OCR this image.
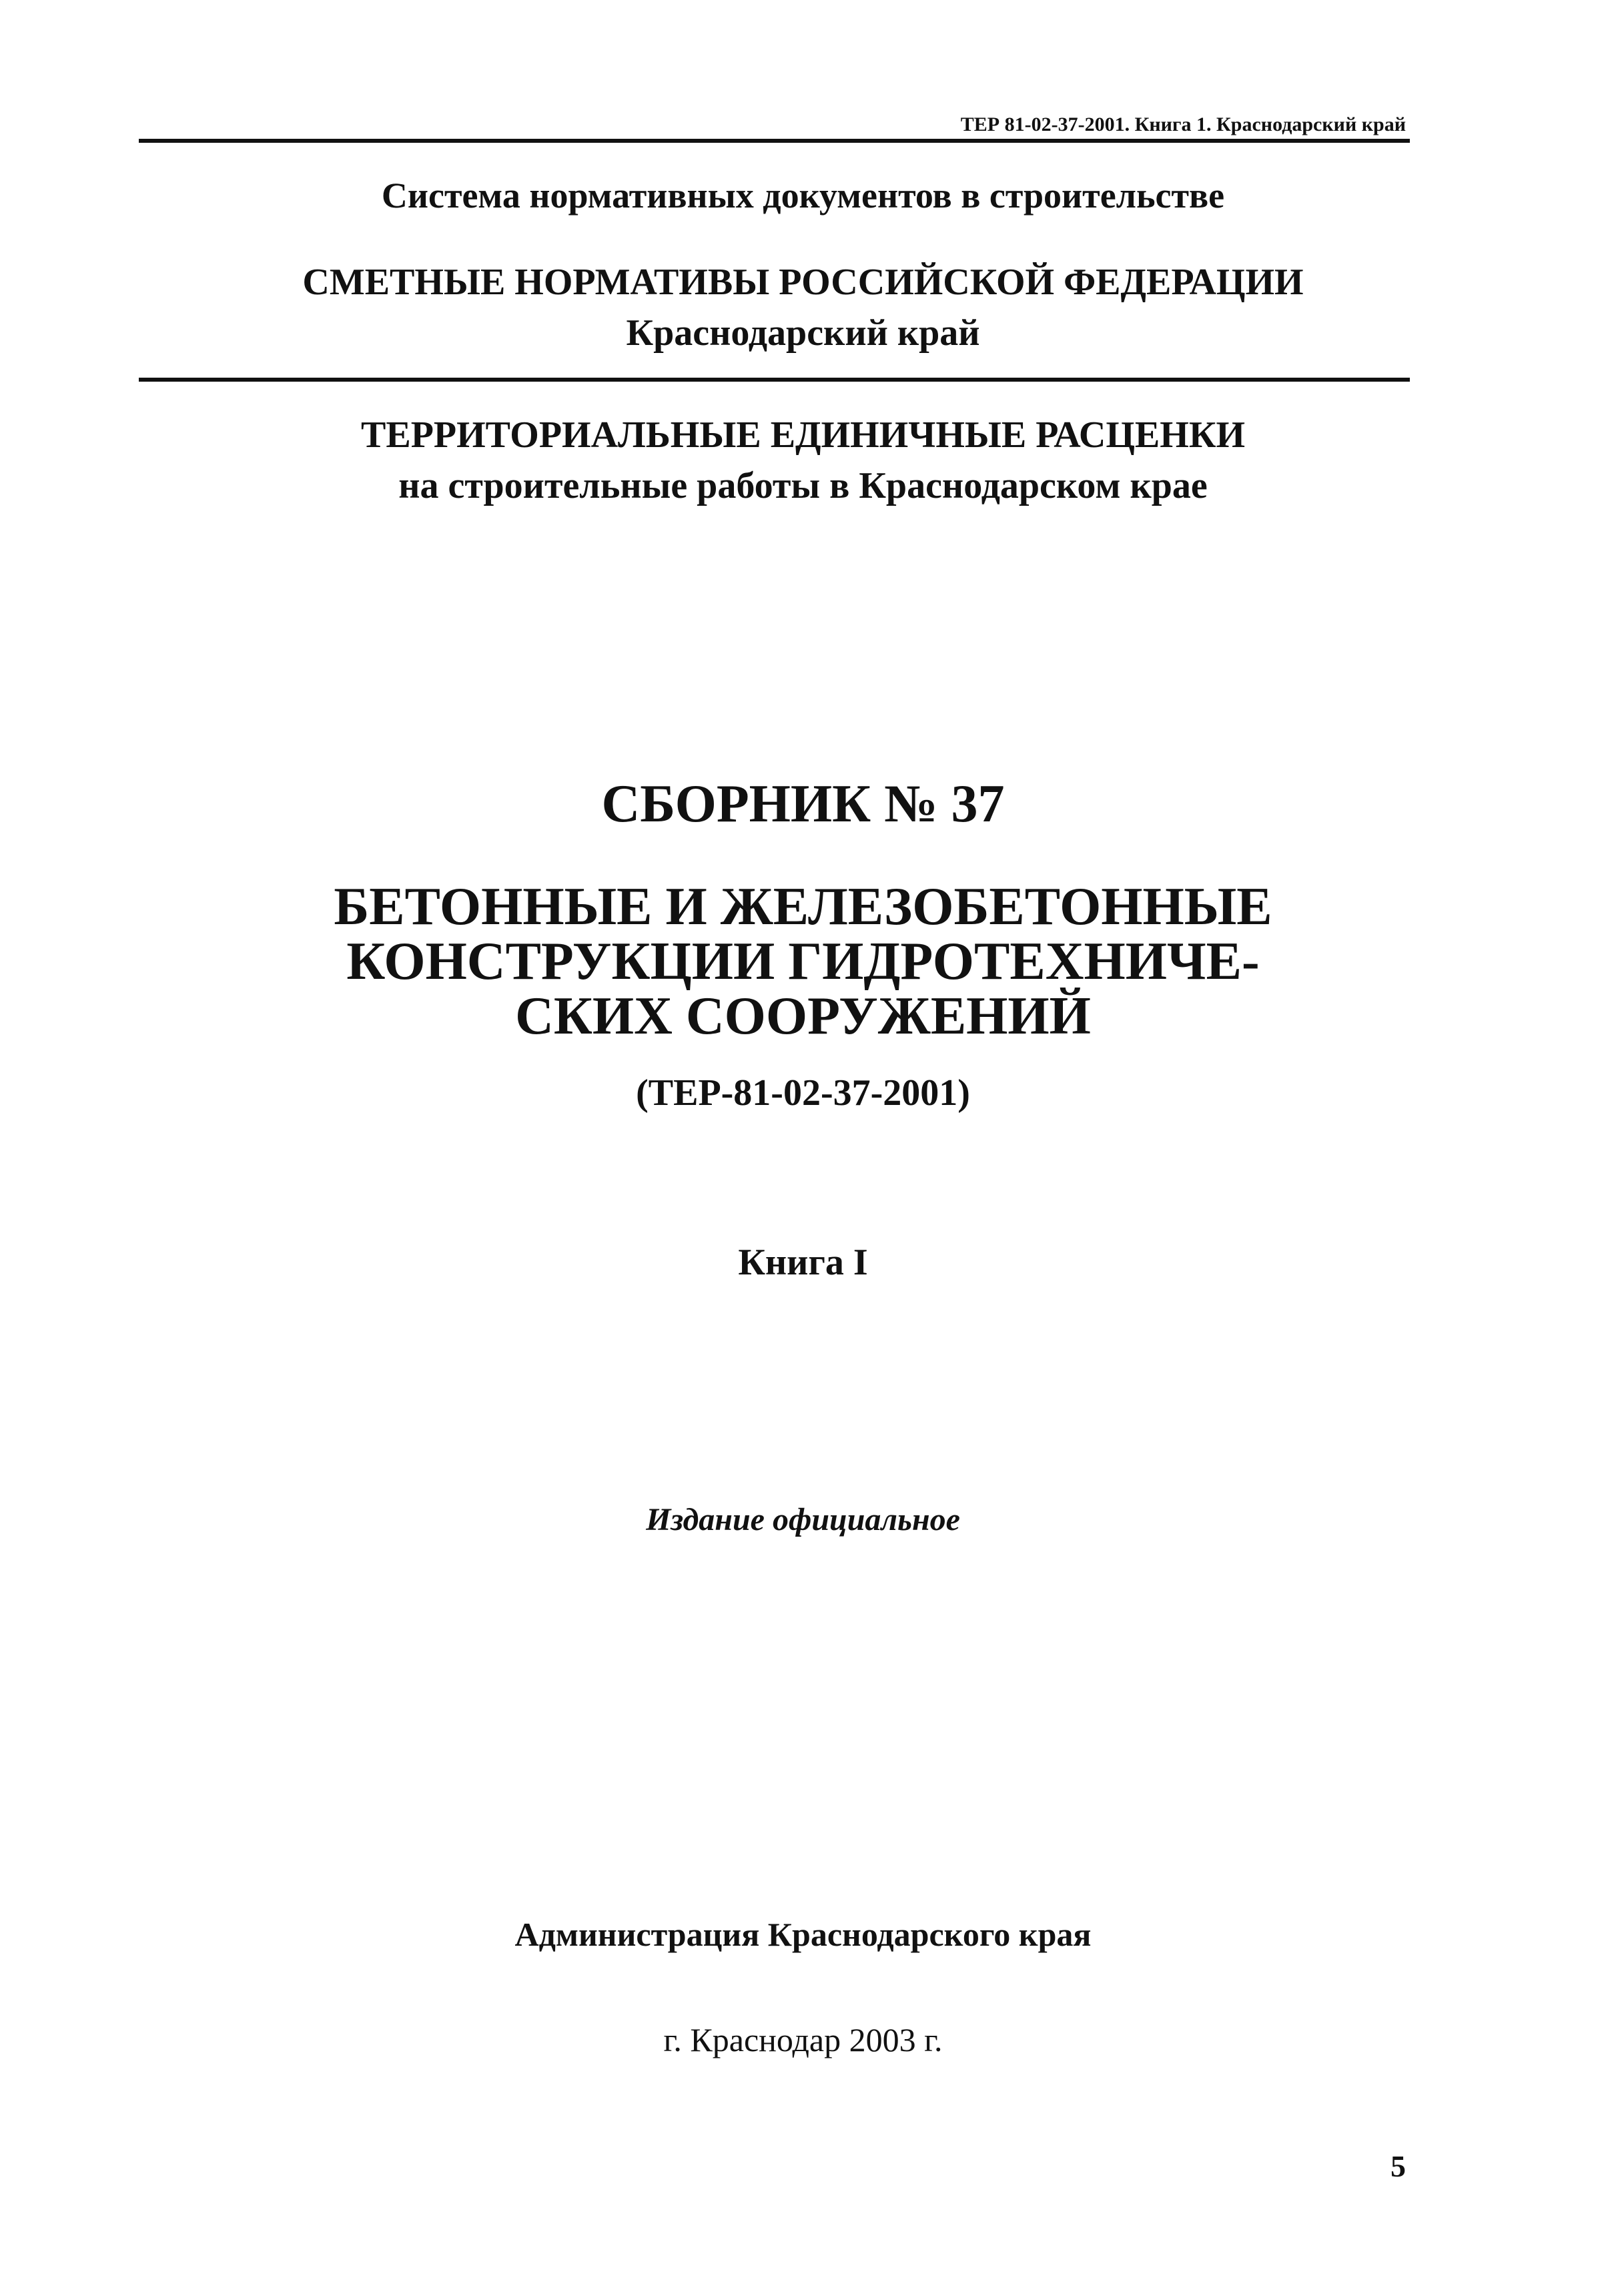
ТЕР 81-02-37-2001. Книга 1. Краснодарский край
Система нормативных документов в строительстве
СМЕТНЫЕ НОРМАТИВЫ РОССИЙСКОЙ ФЕДЕРАЦИИ
Краснодарский край
ТЕРРИТОРИАЛЬНЫЕ ЕДИНИЧНЫЕ РАСЦЕНКИ
на строительные работы в Краснодарском крае
СБОРНИК № 37
БЕТОННЫЕ И ЖЕЛЕЗОБЕТОННЫЕ
КОНСТРУКЦИИ ГИДРОТЕХНИЧЕ-
СКИХ СООРУЖЕНИЙ
(ТЕР-81-02-37-2001)
Книга I
Издание официальное
Администрация Краснодарского края
г. Краснодар 2003 г.
5
